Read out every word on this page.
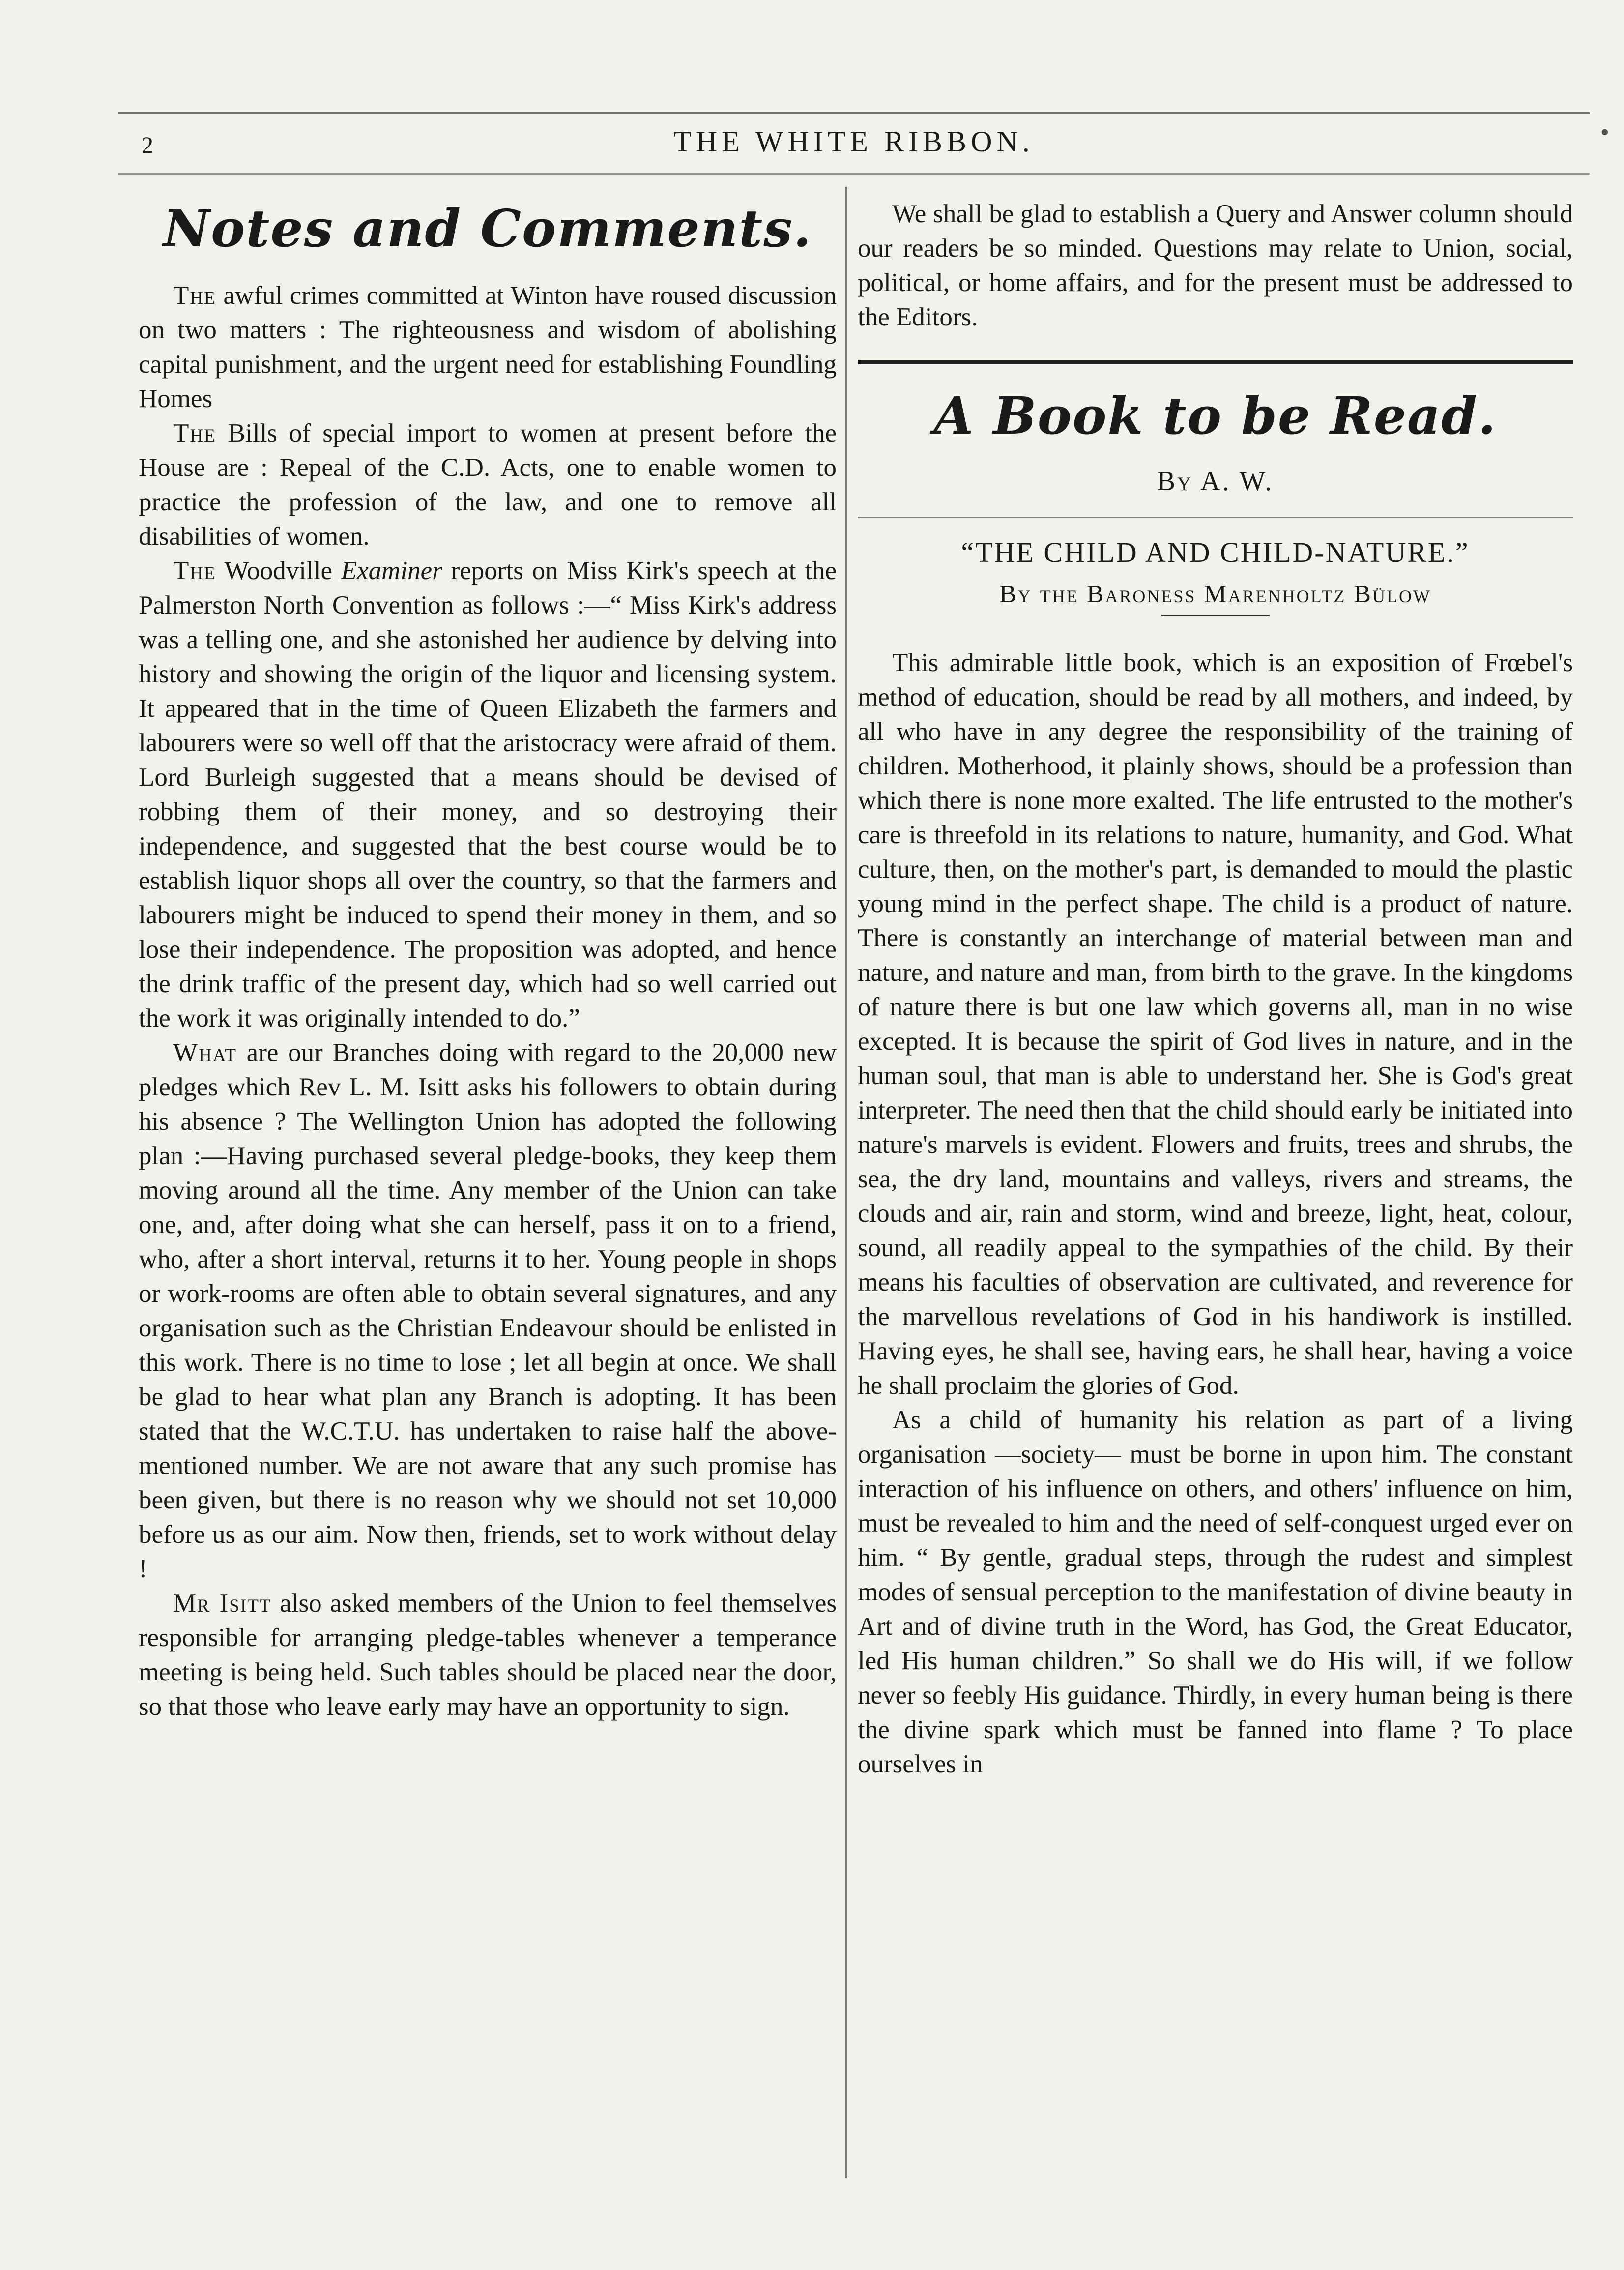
2	THE WHITE RIBBON.	•
Notes and Comments.

The awful crimes committed at Winton have roused discussion on two matters : The righteousness and wisdom of abolishing capital punishment, and the urgent need for establishing Foundling Homes

The Bills of special import to women at present before the House are : Repeal of the C.D. Acts, one to enable women to practice the profession of the law, and one to remove all disabilities of women.

The Woodville Examiner reports on Miss Kirk's speech at the Palmerston North Convention as follows :—“ Miss Kirk's address was a telling one, and she astonished her audience by delving into history and showing the origin of the liquor and licensing system. It appeared that in the time of Queen Elizabeth the farmers and labourers were so well off that the aristocracy were afraid of them. Lord Burleigh suggested that a means should be devised of robbing them of their money, and so destroying their independence, and suggested that the best course would be to establish liquor shops all over the country, so that the farmers and labourers might be induced to spend their money in them, and so lose their independence. The proposition was adopted, and hence the drink traffic of the present day, which had so well carried out the work it was originally intended to do.”

What are our Branches doing with regard to the 20,000 new pledges which Rev L. M. Isitt asks his followers to obtain during his absence ? The Wellington Union has adopted the following plan :—Having purchased several pledge-books, they keep them moving around all the time. Any member of the Union can take one, and, after doing what she can herself, pass it on to a friend, who, after a short interval, returns it to her. Young people in shops or work-rooms are often able to obtain several signatures, and any organisation such as the Christian Endeavour should be enlisted in this work. There is no time to lose ; let all begin at once. We shall be glad to hear what plan any Branch is adopting. It has been stated that the W.C.T.U. has undertaken to raise half the above-mentioned number. We are not aware that any such promise has been given, but there is no reason why we should not set 10,000 before us as our aim. Now then, friends, set to work without delay !

Mr Isitt also asked members of the Union to feel themselves responsible for arranging pledge-tables whenever a temperance meeting is being held. Such tables should be placed near the door, so that those who leave early may have an opportunity to sign.

We shall be glad to establish a Query and Answer column should our readers be so minded. Questions may relate to Union, social, political, or home affairs, and for the present must be addressed to the Editors.

A Book to be Read.
By A. W.
“THE CHILD AND CHILD-NATURE.”
By the Baroness Marenholtz Bülow

This admirable little book, which is an exposition of Frœbel's method of education, should be read by all mothers, and indeed, by all who have in any degree the responsibility of the training of children. Motherhood, it plainly shows, should be a profession than which there is none more exalted. The life entrusted to the mother's care is threefold in its relations to nature, humanity, and God. What culture, then, on the mother's part, is demanded to mould the plastic young mind in the perfect shape. The child is a product of nature. There is constantly an interchange of material between man and nature, and nature and man, from birth to the grave. In the kingdoms of nature there is but one law which governs all, man in no wise excepted. It is because the spirit of God lives in nature, and in the human soul, that man is able to understand her. She is God's great interpreter. The need then that the child should early be initiated into nature's marvels is evident. Flowers and fruits, trees and shrubs, the sea, the dry land, mountains and valleys, rivers and streams, the clouds and air, rain and storm, wind and breeze, light, heat, colour, sound, all readily appeal to the sympathies of the child. By their means his faculties of observation are cultivated, and reverence for the marvellous revelations of God in his handiwork is instilled. Having eyes, he shall see, having ears, he shall hear, having a voice he shall proclaim the glories of God.

As a child of humanity his relation as part of a living organisation —society— must be borne in upon him. The constant interaction of his influence on others, and others' influence on him, must be revealed to him and the need of self-conquest urged ever on him. “ By gentle, gradual steps, through the rudest and simplest modes of sensual perception to the manifestation of divine beauty in Art and of divine truth in the Word, has God, the Great Educator, led His human children.” So shall we do His will, if we follow never so feebly His guidance. Thirdly, in every human being is there the divine spark which must be fanned into flame ? To place ourselves in
